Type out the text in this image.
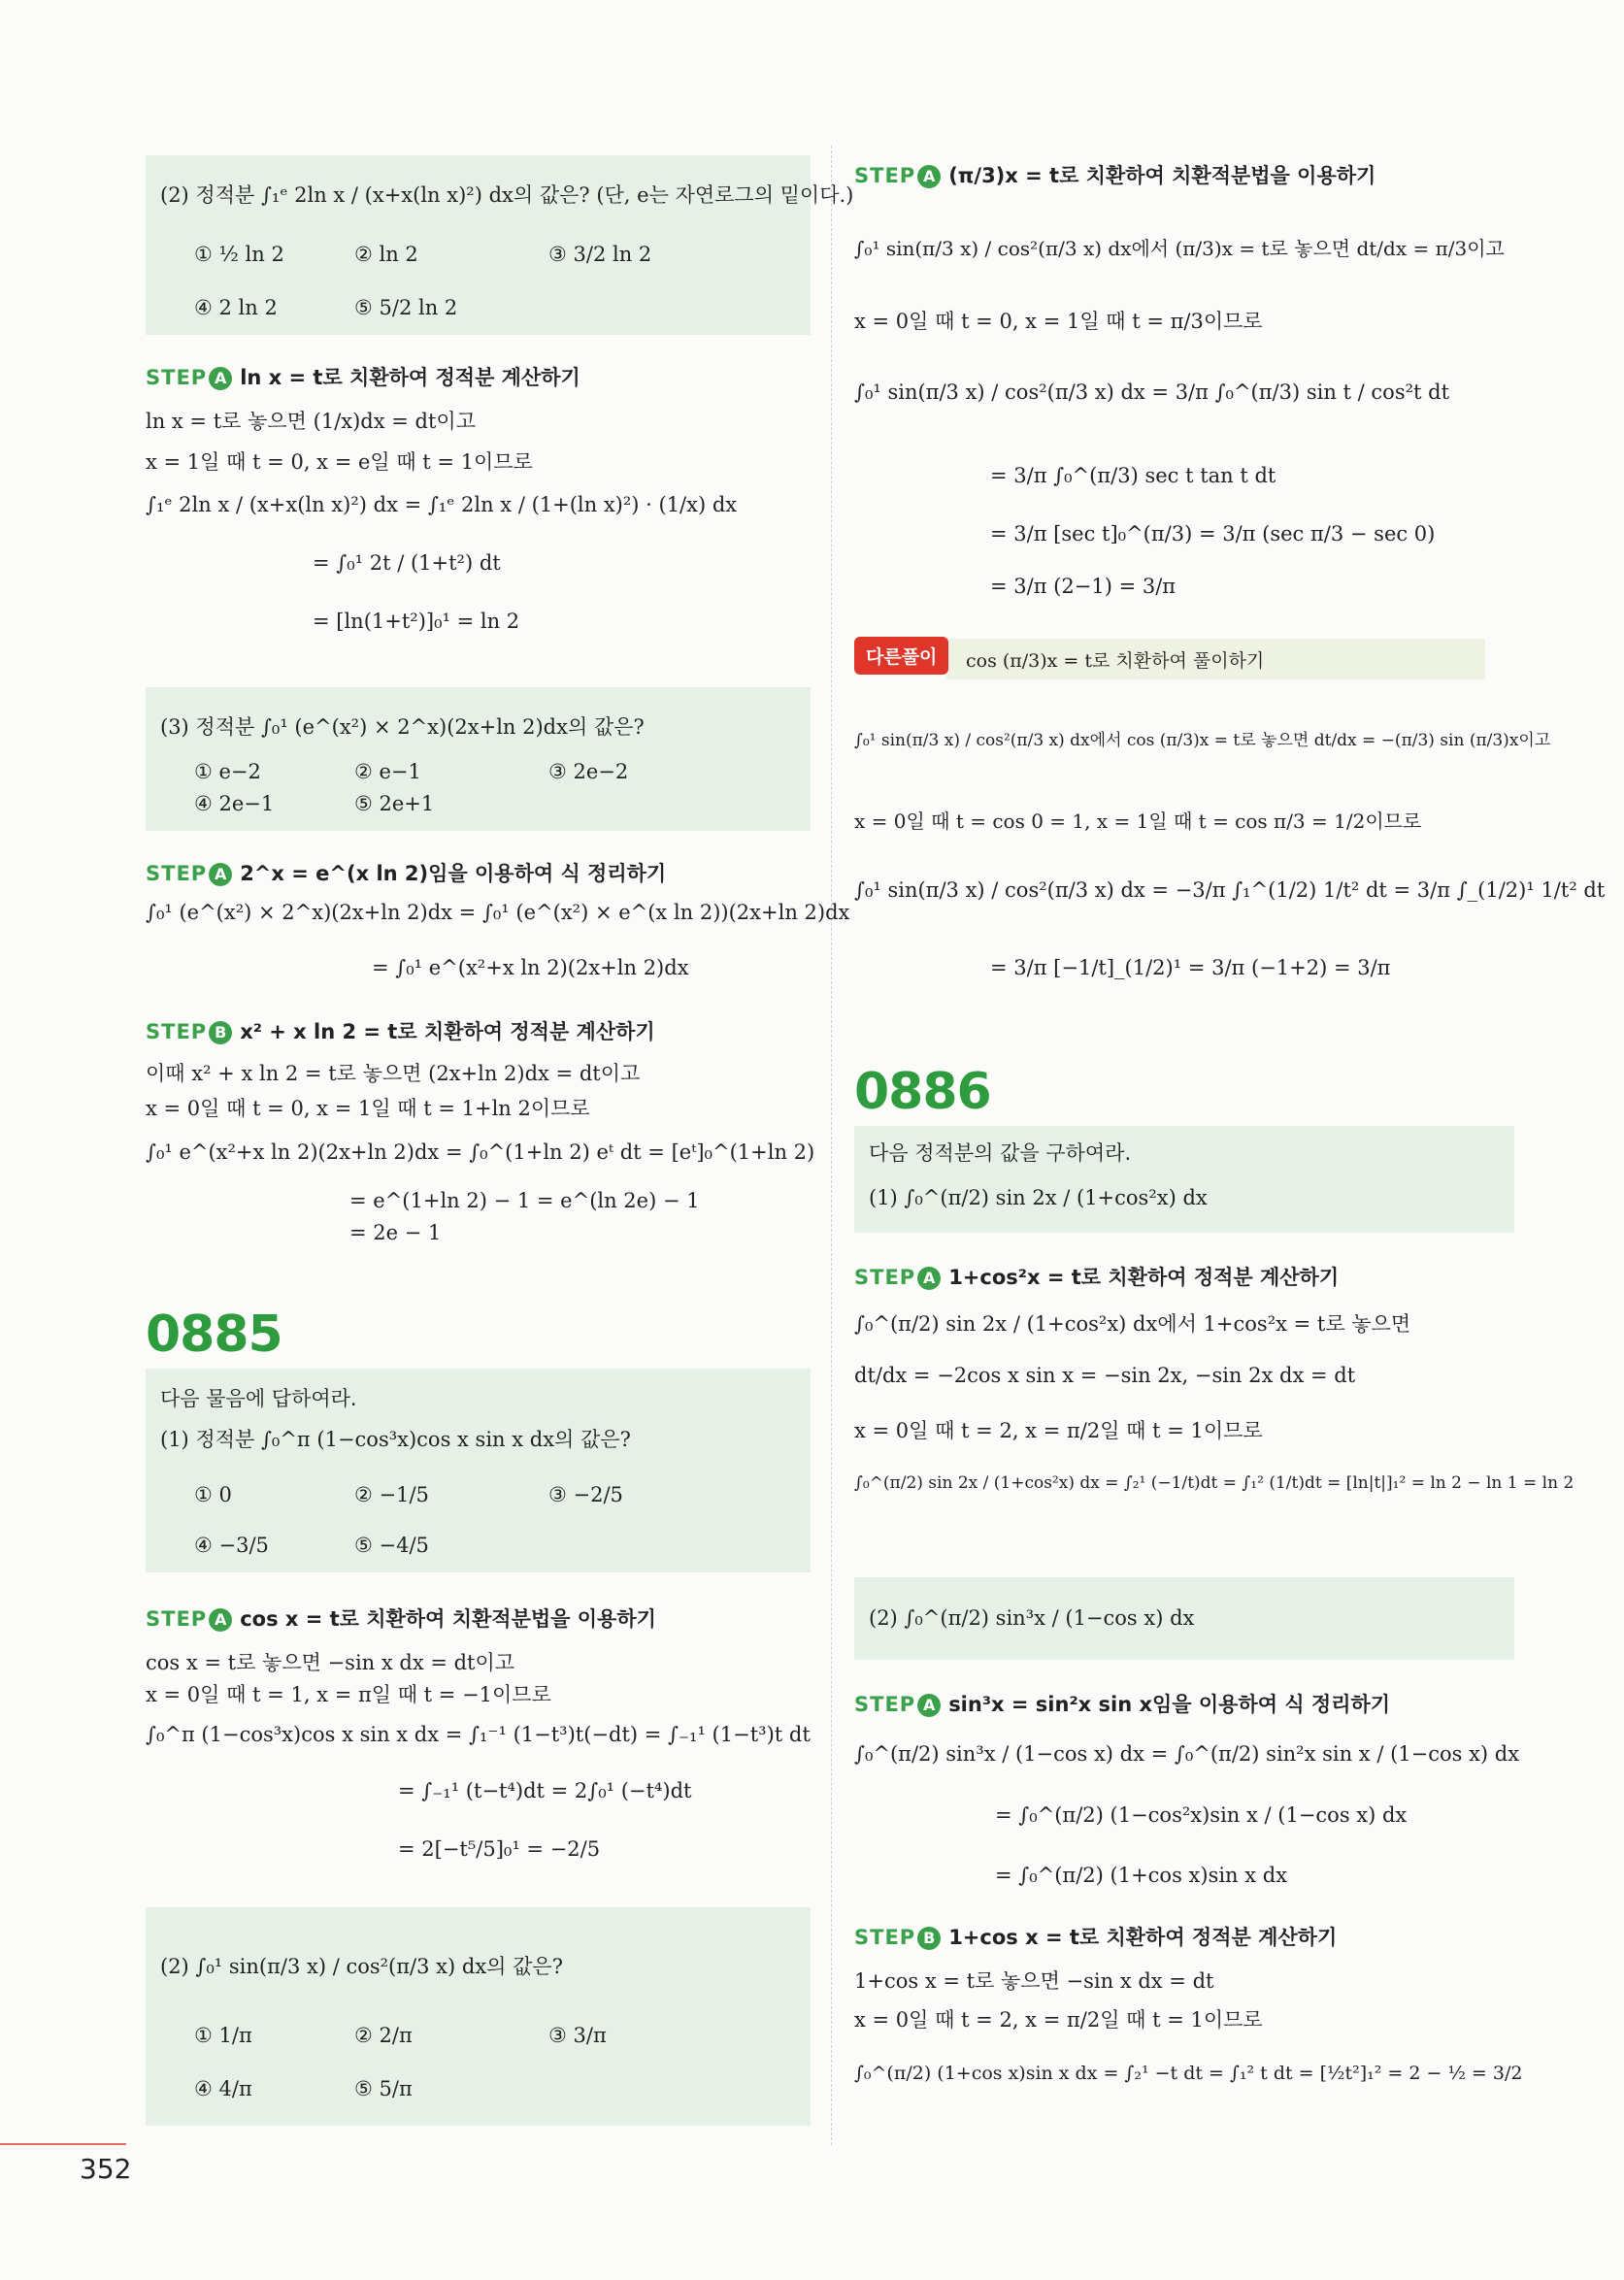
(2) 정적분 ∫₁ᵉ 2ln x / (x+x(ln x)²) dx의 값은? (단, e는 자연로그의 밑이다.)
① ½ ln 2	② ln 2	③ 3/2 ln 2
④ 2 ln 2	⑤ 5/2 ln 2
STEP A ln x = t로 치환하여 정적분 계산하기
ln x = t로 놓으면 (1/x)dx = dt이고
x = 1일 때 t = 0, x = e일 때 t = 1이므로
∫₁ᵉ 2ln x / (x+x(ln x)²) dx = ∫₁ᵉ 2ln x / (1+(ln x)²) · (1/x) dx
= ∫₀¹ 2t / (1+t²) dt
= [ln(1+t²)]₀¹ = ln 2
(3) 정적분 ∫₀¹ (e^(x²) × 2^x)(2x+ln 2)dx의 값은?
① e−2	② e−1	③ 2e−2
④ 2e−1	⑤ 2e+1
STEP A 2^x = e^(x ln 2)임을 이용하여 식 정리하기
∫₀¹ (e^(x²) × 2^x)(2x+ln 2)dx = ∫₀¹ (e^(x²) × e^(x ln 2))(2x+ln 2)dx
= ∫₀¹ e^(x²+x ln 2)(2x+ln 2)dx
STEP B x² + x ln 2 = t로 치환하여 정적분 계산하기
이때 x² + x ln 2 = t로 놓으면 (2x+ln 2)dx = dt이고
x = 0일 때 t = 0, x = 1일 때 t = 1+ln 2이므로
∫₀¹ e^(x²+x ln 2)(2x+ln 2)dx = ∫₀^(1+ln 2) eᵗ dt = [eᵗ]₀^(1+ln 2)
= e^(1+ln 2) − 1 = e^(ln 2e) − 1
= 2e − 1
0885
다음 물음에 답하여라.
(1) 정적분 ∫₀^π (1−cos³x)cos x sin x dx의 값은?
① 0	② −1/5	③ −2/5
④ −3/5	⑤ −4/5
STEP A cos x = t로 치환하여 치환적분법을 이용하기
cos x = t로 놓으면 −sin x dx = dt이고
x = 0일 때 t = 1, x = π일 때 t = −1이므로
∫₀^π (1−cos³x)cos x sin x dx = ∫₁⁻¹ (1−t³)t(−dt) = ∫₋₁¹ (1−t³)t dt
= ∫₋₁¹ (t−t⁴)dt = 2∫₀¹ (−t⁴)dt
= 2[−t⁵/5]₀¹ = −2/5
(2) ∫₀¹ sin(π/3 x) / cos²(π/3 x) dx의 값은?
① 1/π	② 2/π	③ 3/π
④ 4/π	⑤ 5/π
STEP A (π/3)x = t로 치환하여 치환적분법을 이용하기
∫₀¹ sin(π/3 x) / cos²(π/3 x) dx에서 (π/3)x = t로 놓으면 dt/dx = π/3이고
x = 0일 때 t = 0, x = 1일 때 t = π/3이므로
∫₀¹ sin(π/3 x) / cos²(π/3 x) dx = 3/π ∫₀^(π/3) sin t / cos²t dt
= 3/π ∫₀^(π/3) sec t tan t dt
= 3/π [sec t]₀^(π/3) = 3/π (sec π/3 − sec 0)
= 3/π (2−1) = 3/π
다른풀이	cos (π/3)x = t로 치환하여 풀이하기
∫₀¹ sin(π/3 x) / cos²(π/3 x) dx에서 cos (π/3)x = t로 놓으면 dt/dx = −(π/3) sin (π/3)x이고
x = 0일 때 t = cos 0 = 1, x = 1일 때 t = cos π/3 = 1/2이므로
∫₀¹ sin(π/3 x) / cos²(π/3 x) dx = −3/π ∫₁^(1/2) 1/t² dt = 3/π ∫_(1/2)¹ 1/t² dt
= 3/π [−1/t]_(1/2)¹ = 3/π (−1+2) = 3/π
0886
다음 정적분의 값을 구하여라.
(1) ∫₀^(π/2) sin 2x / (1+cos²x) dx
STEP A 1+cos²x = t로 치환하여 정적분 계산하기
∫₀^(π/2) sin 2x / (1+cos²x) dx에서 1+cos²x = t로 놓으면
dt/dx = −2cos x sin x = −sin 2x, −sin 2x dx = dt
x = 0일 때 t = 2, x = π/2일 때 t = 1이므로
∫₀^(π/2) sin 2x / (1+cos²x) dx = ∫₂¹ (−1/t)dt = ∫₁² (1/t)dt = [ln|t|]₁² = ln 2 − ln 1 = ln 2
(2) ∫₀^(π/2) sin³x / (1−cos x) dx
STEP A sin³x = sin²x sin x임을 이용하여 식 정리하기
∫₀^(π/2) sin³x / (1−cos x) dx = ∫₀^(π/2) sin²x sin x / (1−cos x) dx
= ∫₀^(π/2) (1−cos²x)sin x / (1−cos x) dx
= ∫₀^(π/2) (1+cos x)sin x dx
STEP B 1+cos x = t로 치환하여 정적분 계산하기
1+cos x = t로 놓으면 −sin x dx = dt
x = 0일 때 t = 2, x = π/2일 때 t = 1이므로
∫₀^(π/2) (1+cos x)sin x dx = ∫₂¹ −t dt = ∫₁² t dt = [½t²]₁² = 2 − ½ = 3/2
352
